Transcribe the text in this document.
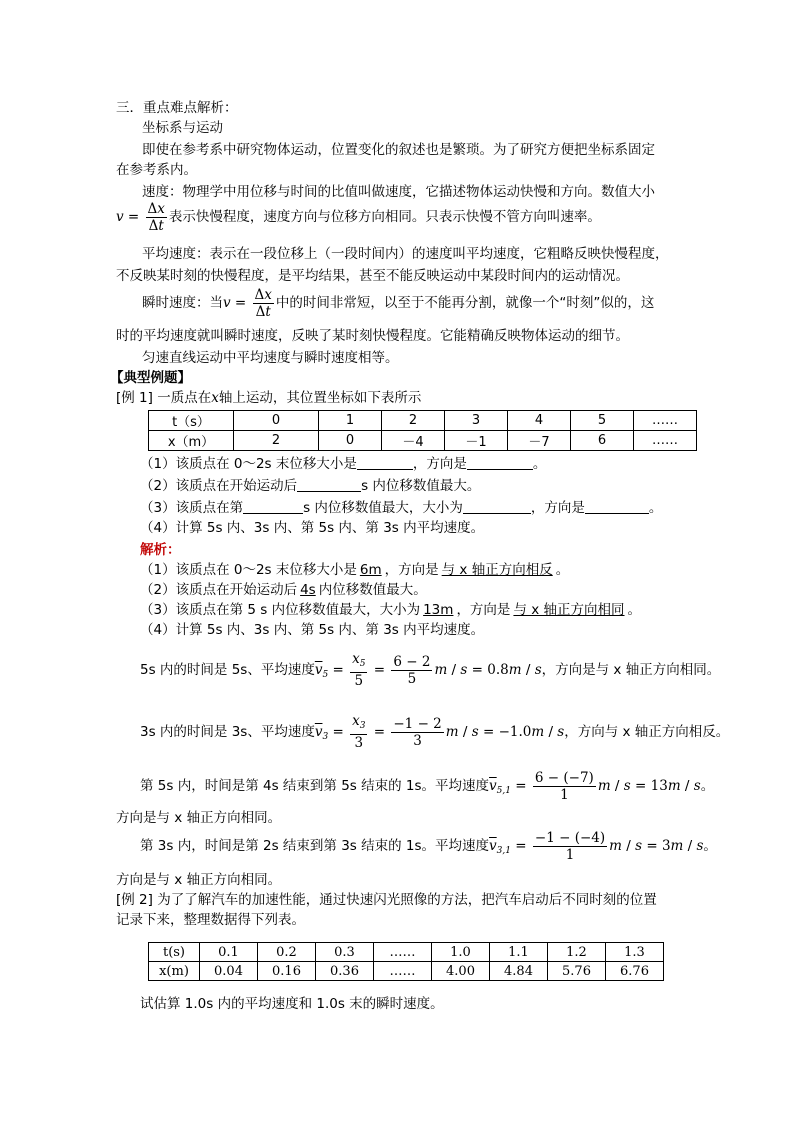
三．重点难点解析：
坐标系与运动
即使在参考系中研究物体运动，位置变化的叙述也是繁琐。为了研究方便把坐标系固定
在参考系内。
速度：物理学中用位移与时间的比值叫做速度，它描述物体运动快慢和方向。数值大小
$v = \frac{\Delta x}{\Delta t}$ 表示快慢程度，速度方向与位移方向相同。只表示快慢不管方向叫速率。
平均速度：表示在一段位移上（一段时间内）的速度叫平均速度，它粗略反映快慢程度，
不反映某时刻的快慢程度，是平均结果，甚至不能反映运动中某段时间内的运动情况。
瞬时速度：当$v = \frac{\Delta x}{\Delta t}$ 中的时间非常短，以至于不能再分割，就像一个“时刻”似的，这
时的平均速度就叫瞬时速度，反映了某时刻快慢程度。它能精确反映物体运动的细节。
匀速直线运动中平均速度与瞬时速度相等。
【典型例题】
[例 1] 一质点在x轴上运动，其位置坐标如下表所示
t（s）	0	1	2	3	4	5	……
x（m）	2	0	－4	－1	－7	6	……
（1）该质点在 0～2s 末位移大小是	，方向是	。
（2）该质点在开始运动后	s 内位移数值最大。
（3）该质点在第	s 内位移数值最大，大小为	，方向是	。
（4）计算 5s 内、3s 内、第 5s 内、第 3s 内平均速度。
解析：
（1）该质点在 0～2s 末位移大小是 6m ，方向是 与 x 轴正方向相反 。
（2）该质点在开始运动后 4s 内位移数值最大。
（3）该质点在第 5 s 内位移数值最大，大小为 13m ，方向是 与 x 轴正方向相同 。
（4）计算 5s 内、3s 内、第 5s 内、第 3s 内平均速度。
5s 内的时间是 5s、平均速度$\overline{v}_5 = \frac{x_5}{5} = \frac{6 - 2}{5}$ m / s = 0.8m / s，方向是与 x 轴正方向相同。
3s 内的时间是 3s、平均速度$\overline{v}_3 = \frac{x_3}{3} = \frac{-1 - 2}{3}$ m / s = −1.0m / s，方向与 x 轴正方向相反。
第 5s 内，时间是第 4s 结束到第 5s 结束的 1s。平均速度$\overline{v}_{5,1} = \frac{6 - (-7)}{1}$ m / s = 13m / s。
方向是与 x 轴正方向相同。
第 3s 内，时间是第 2s 结束到第 3s 结束的 1s。平均速度$\overline{v}_{3,1} = \frac{-1 - (-4)}{1}$ m / s = 3m / s。
方向是与 x 轴正方向相同。
[例 2] 为了了解汽车的加速性能，通过快速闪光照像的方法，把汽车启动后不同时刻的位置
记录下来，整理数据得下列表。
t(s)	0.1	0.2	0.3	……	1.0	1.1	1.2	1.3
x(m)	0.04	0.16	0.36	……	4.00	4.84	5.76	6.76
试估算 1.0s 内的平均速度和 1.0s 末的瞬时速度。
